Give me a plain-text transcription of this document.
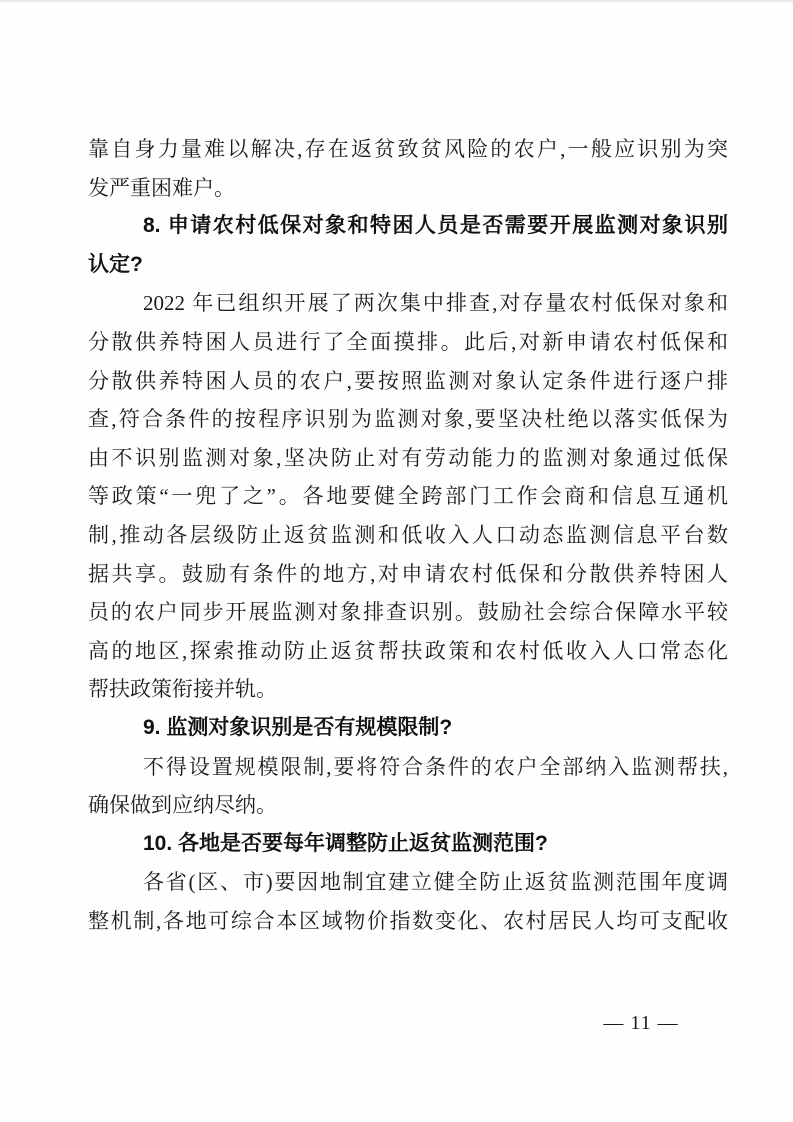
靠自身力量难以解决,存在返贫致贫风险的农户,一般应识别为突
发严重困难户。
8. 申请农村低保对象和特困人员是否需要开展监测对象识别
认定?
2022 年已组织开展了两次集中排查,对存量农村低保对象和
分散供养特困人员进行了全面摸排。此后,对新申请农村低保和
分散供养特困人员的农户,要按照监测对象认定条件进行逐户排
查,符合条件的按程序识别为监测对象,要坚决杜绝以落实低保为
由不识别监测对象,坚决防止对有劳动能力的监测对象通过低保
等政策“一兜了之”。各地要健全跨部门工作会商和信息互通机
制,推动各层级防止返贫监测和低收入人口动态监测信息平台数
据共享。鼓励有条件的地方,对申请农村低保和分散供养特困人
员的农户同步开展监测对象排查识别。鼓励社会综合保障水平较
高的地区,探索推动防止返贫帮扶政策和农村低收入人口常态化
帮扶政策衔接并轨。
9. 监测对象识别是否有规模限制?
不得设置规模限制,要将符合条件的农户全部纳入监测帮扶,
确保做到应纳尽纳。
10. 各地是否要每年调整防止返贫监测范围?
各省(区、市)要因地制宜建立健全防止返贫监测范围年度调
整机制,各地可综合本区域物价指数变化、农村居民人均可支配收
— 11 —
